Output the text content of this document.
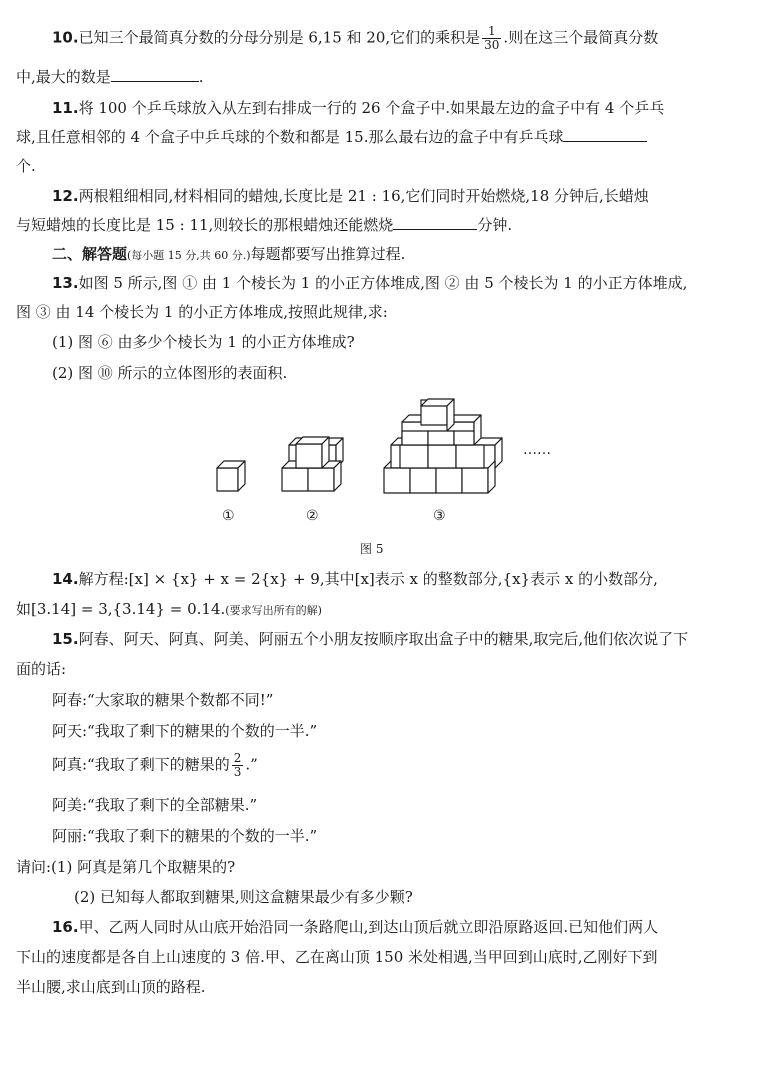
10.已知三个最简真分数的分母分别是 6,15 和 20,它们的乘积是 $\frac{1}{30}$ .则在这三个最简真分数
中,最大的数是	.
11.将 100 个乒乓球放入从左到右排成一行的 26 个盒子中.如果最左边的盒子中有 4 个乒乓
球,且任意相邻的 4 个盒子中乒乓球的个数和都是 15.那么最右边的盒子中有乒乓球
个.
12.两根粗细相同,材料相同的蜡烛,长度比是 21 : 16,它们同时开始燃烧,18 分钟后,长蜡烛
与短蜡烛的长度比是 15 : 11,则较长的那根蜡烛还能燃烧	分钟.
二、解答题(每小题 15 分,共 60 分.)每题都要写出推算过程.
13.如图 5 所示,图 ① 由 1 个棱长为 1 的小正方体堆成,图 ② 由 5 个棱长为 1 的小正方体堆成,
图 ③ 由 14 个棱长为 1 的小正方体堆成,按照此规律,求:
(1) 图 ⑥ 由多少个棱长为 1 的小正方体堆成?
(2) 图 ⑩ 所示的立体图形的表面积.
①	②	③
……
图 5
14.解方程:[x] × {x} + x = 2{x} + 9,其中[x]表示 x 的整数部分,{x}表示 x 的小数部分,
如[3.14] = 3,{3.14} = 0.14.(要求写出所有的解)
15.阿春、阿天、阿真、阿美、阿丽五个小朋友按顺序取出盒子中的糖果,取完后,他们依次说了下
面的话:
阿春:“大家取的糖果个数都不同!”
阿天:“我取了剩下的糖果的个数的一半.”
阿真:“我取了剩下的糖果的 $\frac{2}{3}$ .”
阿美:“我取了剩下的全部糖果.”
阿丽:“我取了剩下的糖果的个数的一半.”
请问:(1) 阿真是第几个取糖果的?
(2) 已知每人都取到糖果,则这盒糖果最少有多少颗?
16.甲、乙两人同时从山底开始沿同一条路爬山,到达山顶后就立即沿原路返回.已知他们两人
下山的速度都是各自上山速度的 3 倍.甲、乙在离山顶 150 米处相遇,当甲回到山底时,乙刚好下到
半山腰,求山底到山顶的路程.
